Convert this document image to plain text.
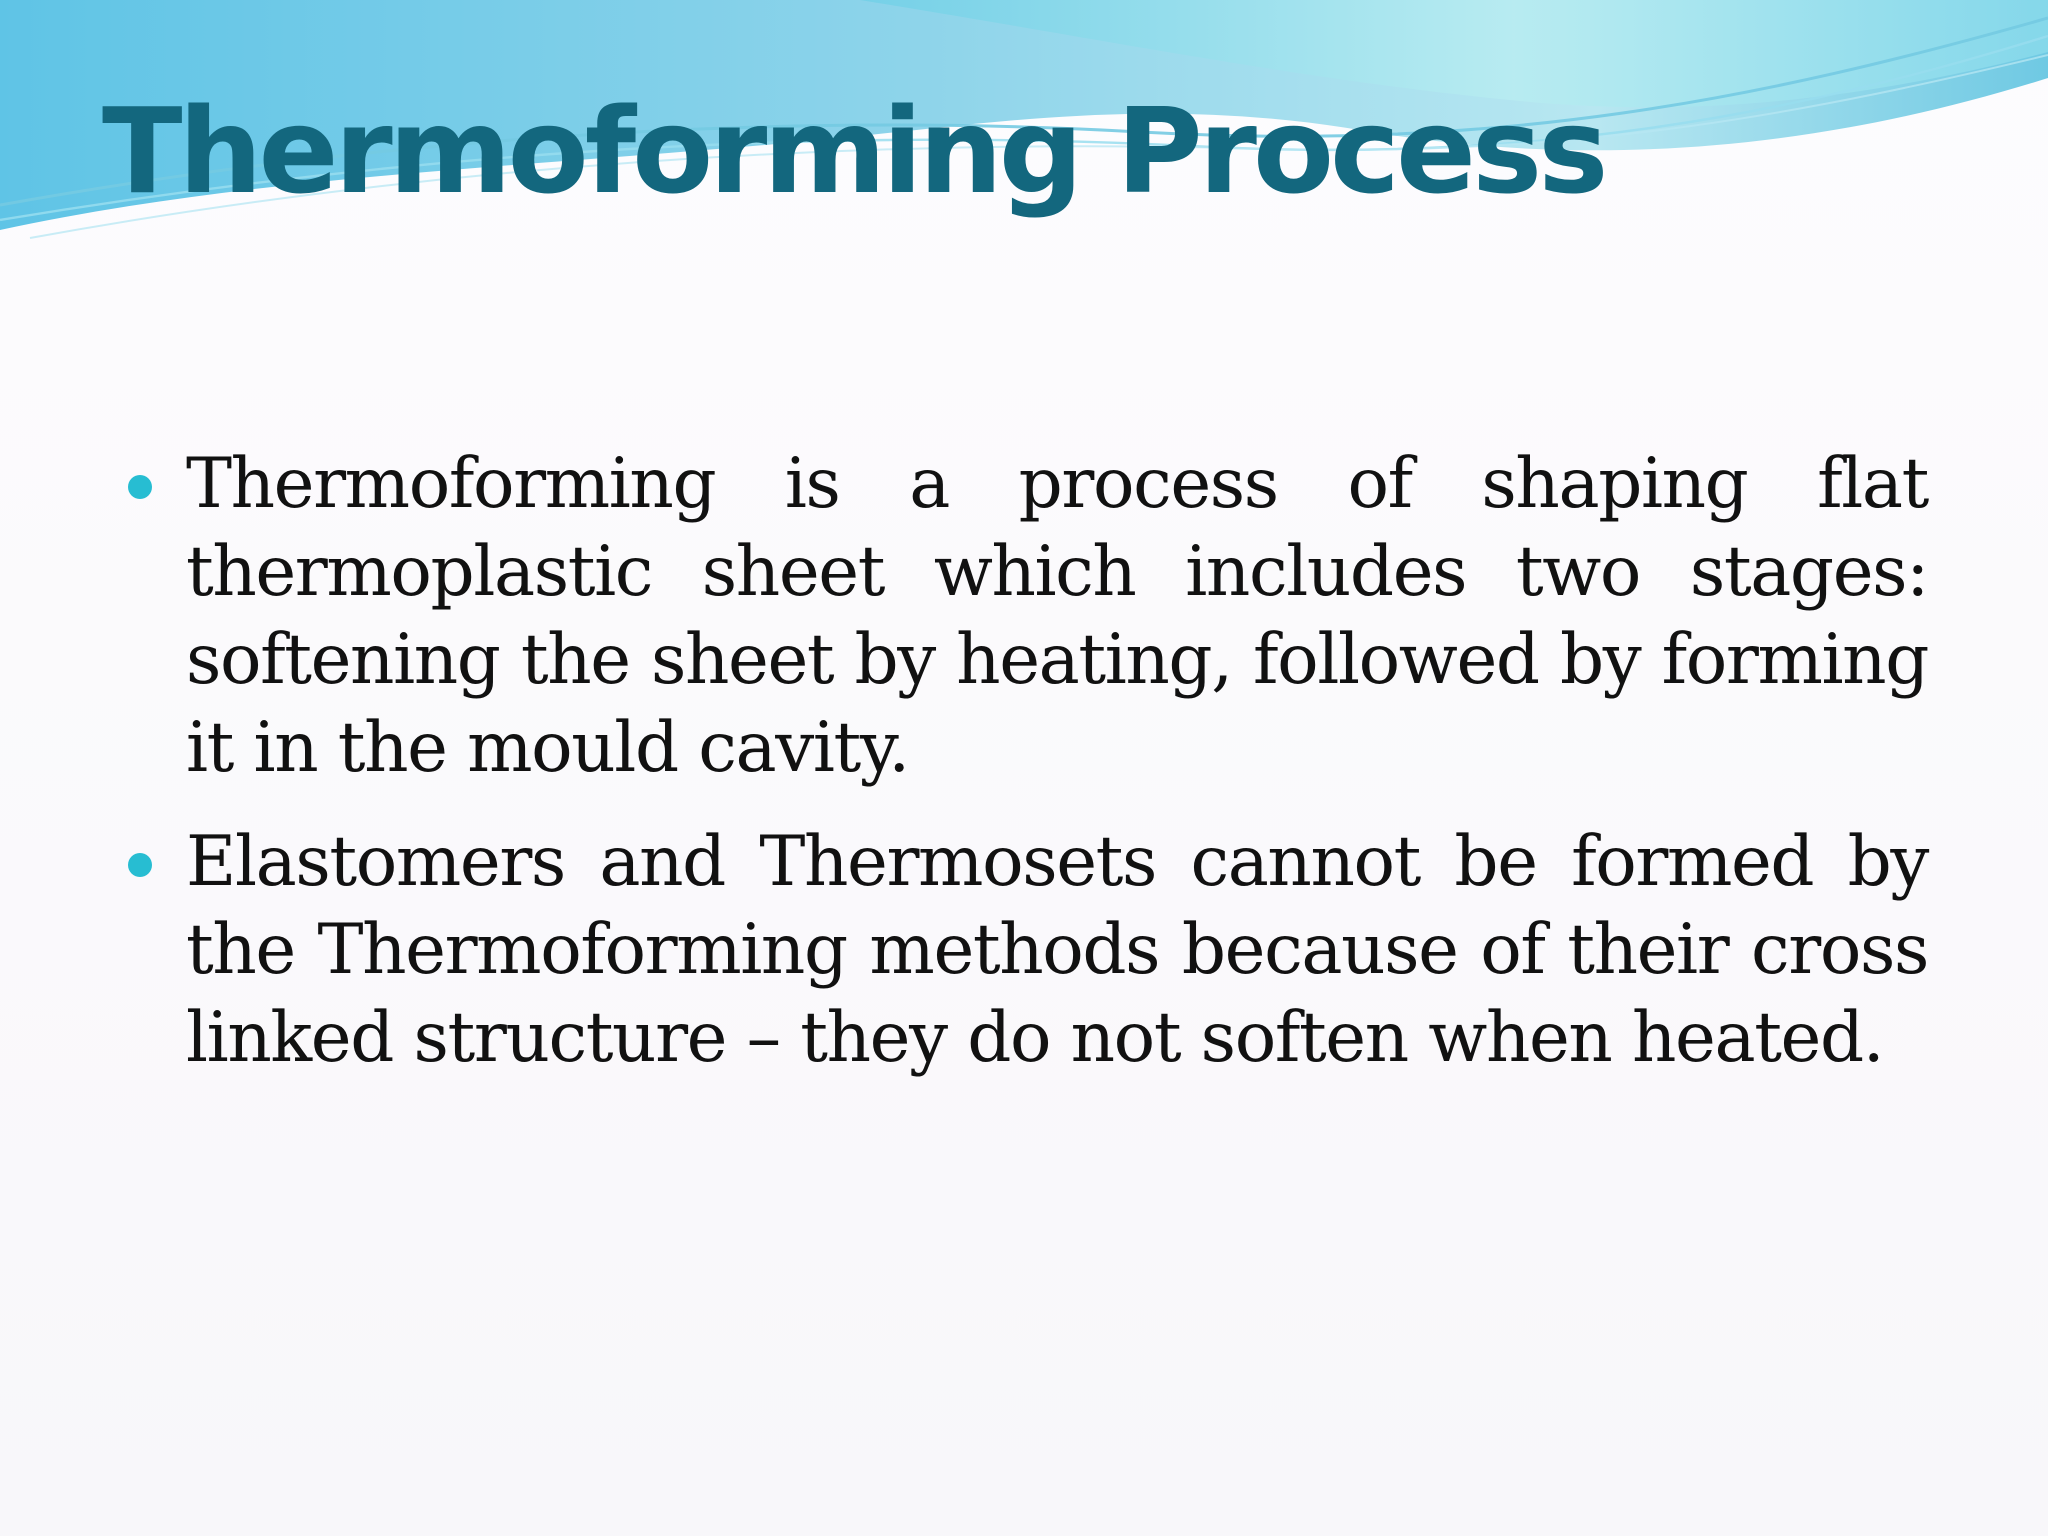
Thermoforming Process
Thermoforming is a process of shaping flat thermoplastic sheet which includes two stages: softening the sheet by heating, followed by forming it in the mould cavity.
Elastomers and Thermosets cannot be formed by the Thermoforming methods because of their cross linked structure – they do not soften when heated.
